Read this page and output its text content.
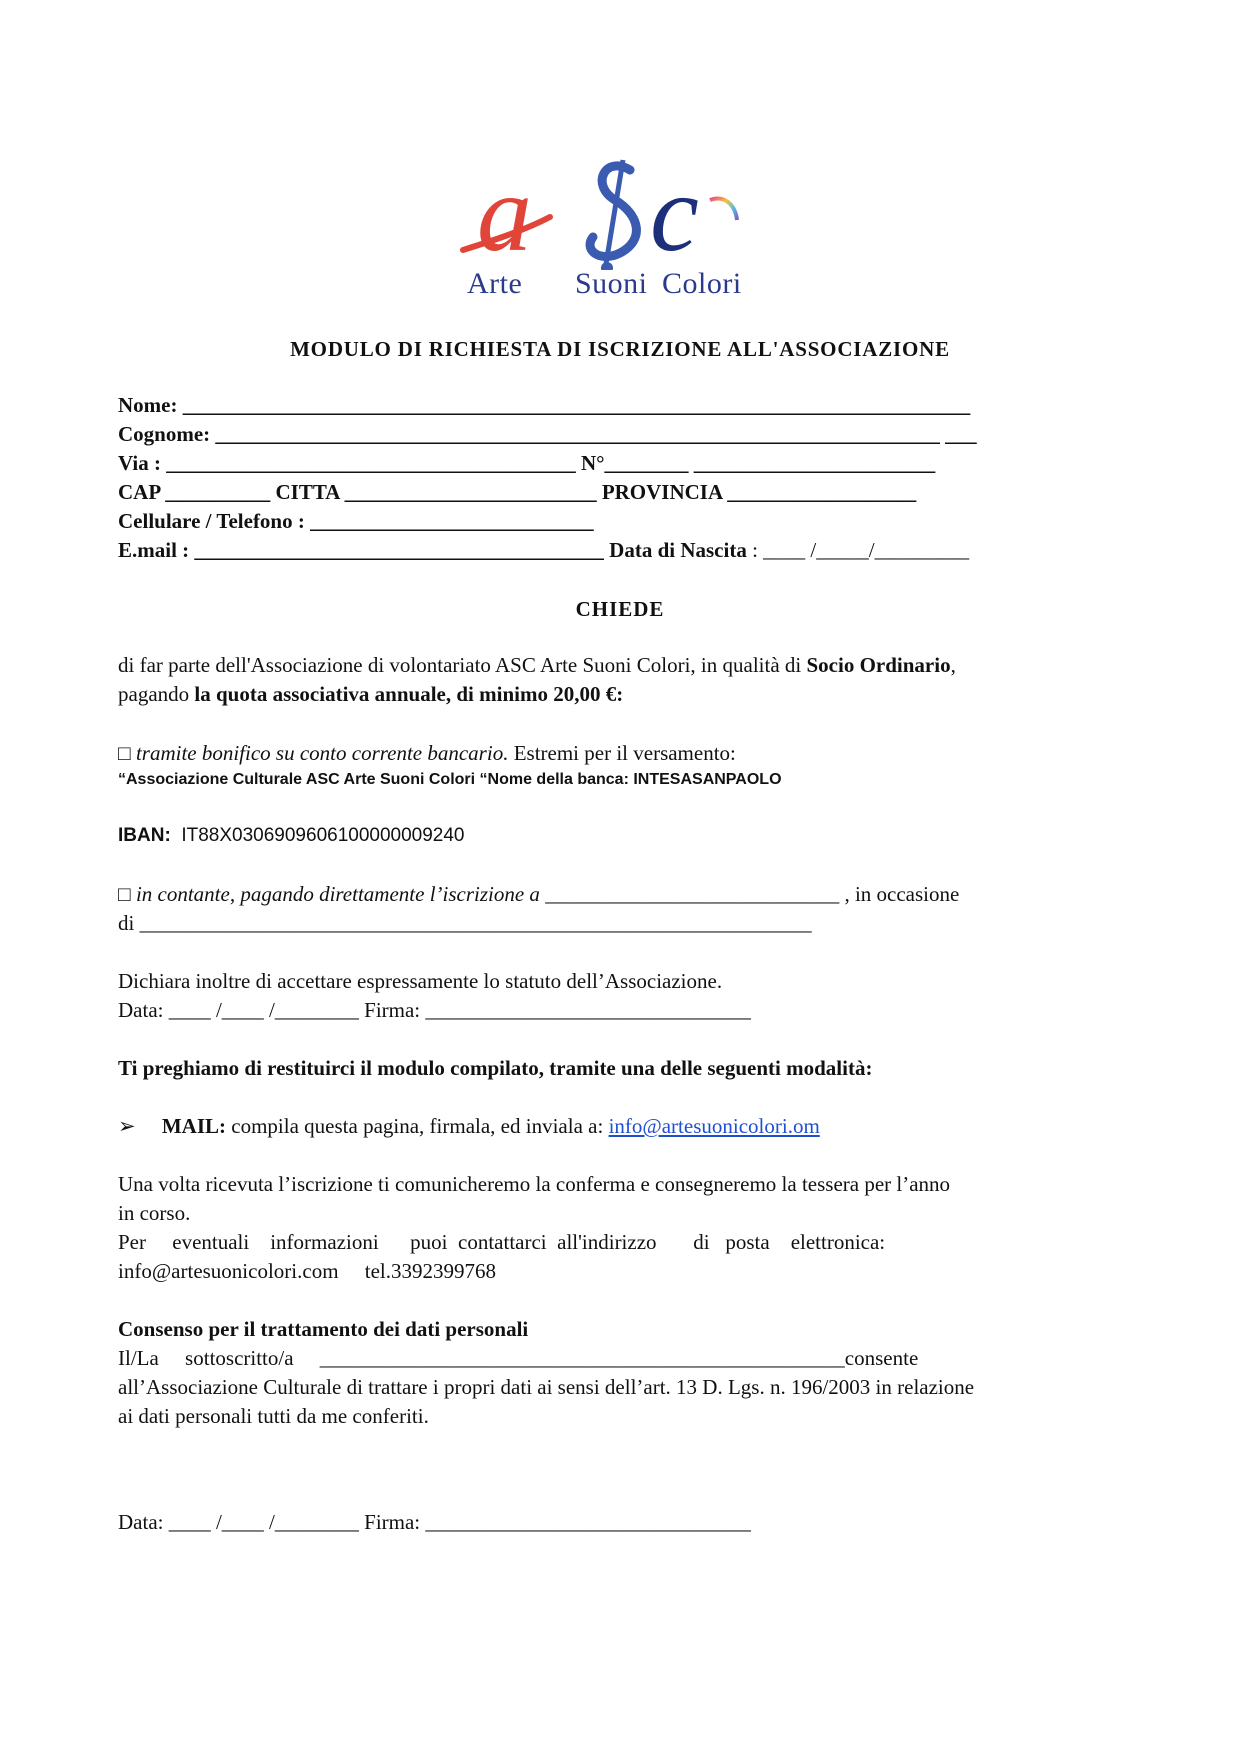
a c
Arte Suoni Colori
MODULO DI RICHIESTA DI ISCRIZIONE ALL'ASSOCIAZIONE
Nome: ___________________________________________________________________________
Cognome: _____________________________________________________________________ ___
Via : _______________________________________ N°________ _______________________
CAP __________ CITTA ________________________ PROVINCIA __________________
Cellulare / Telefono : ___________________________
E.mail : _______________________________________ Data di Nascita : ____ /_____/_________
CHIEDE
di far parte dell'Associazione di volontariato ASC Arte Suoni Colori, in qualità di Socio Ordinario,
pagando la quota associativa annuale, di minimo 20,00 €:
□ tramite bonifico su conto corrente bancario. Estremi per il versamento:
“Associazione Culturale ASC Arte Suoni Colori “Nome della banca: INTESASANPAOLO
IBAN:  IT88X0306909606100000009240
□ in contante, pagando direttamente l’iscrizione a ____________________________ , in occasione
di ________________________________________________________________
Dichiara inoltre di accettare espressamente lo statuto dell’Associazione.
Data: ____ /____ /________ Firma: _______________________________
Ti preghiamo di restituirci il modulo compilato, tramite una delle seguenti modalità:
➢ MAIL: compila questa pagina, firmala, ed inviala a: info@artesuonicolori.om
Una volta ricevuta l’iscrizione ti comunicheremo la conferma e consegneremo la tessera per l’anno
in corso.
Per     eventuali    informazioni      puoi  contattarci  all'indirizzo       di   posta    elettronica:
info@artesuonicolori.com     tel.3392399768
Consenso per il trattamento dei dati personali
Il/La     sottoscritto/a     __________________________________________________consente
all’Associazione Culturale di trattare i propri dati ai sensi dell’art. 13 D. Lgs. n. 196/2003 in relazione
ai dati personali tutti da me conferiti.
Data: ____ /____ /________ Firma: _______________________________
